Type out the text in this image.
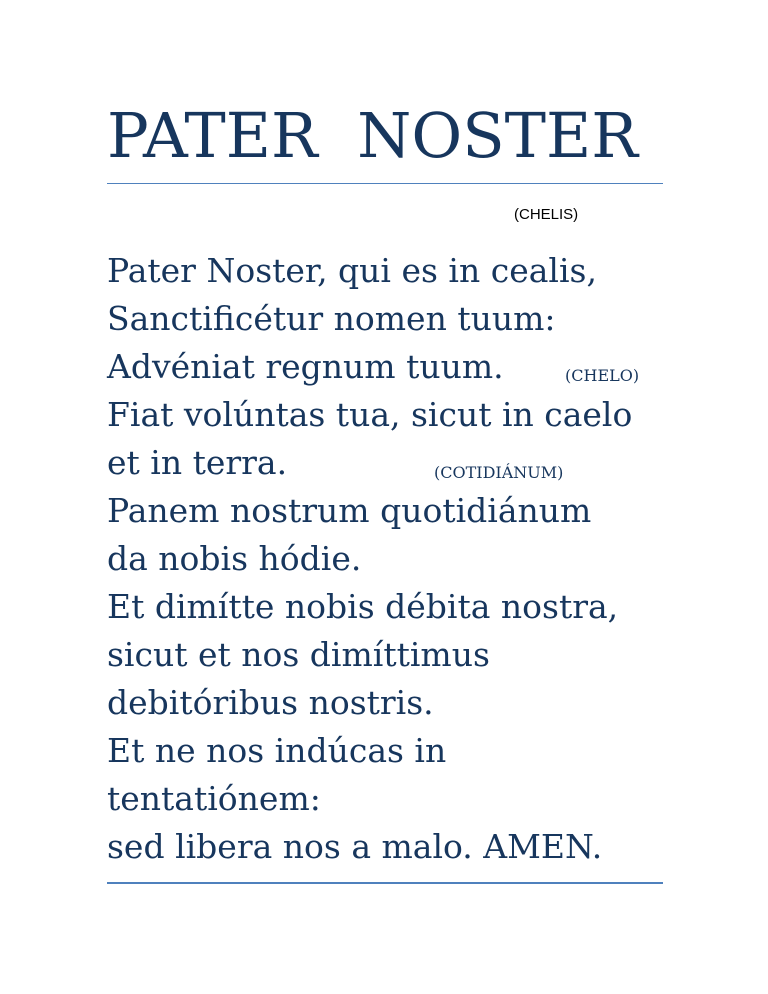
PATER  NOSTER
(CHELIS)
Pater Noster, qui es in cealis,
Sanctificétur nomen tuum:
Advéniat regnum tuum.
Fiat volúntas tua, sicut in caelo
et in terra.
Panem nostrum quotidiánum
da nobis hódie.
Et dimítte nobis débita nostra,
sicut et nos dimíttimus
debitóribus nostris.
Et ne nos indúcas in
tentatiónem:
sed libera nos a malo. AMEN.
(CHELO)
(COTIDIÁNUM)
